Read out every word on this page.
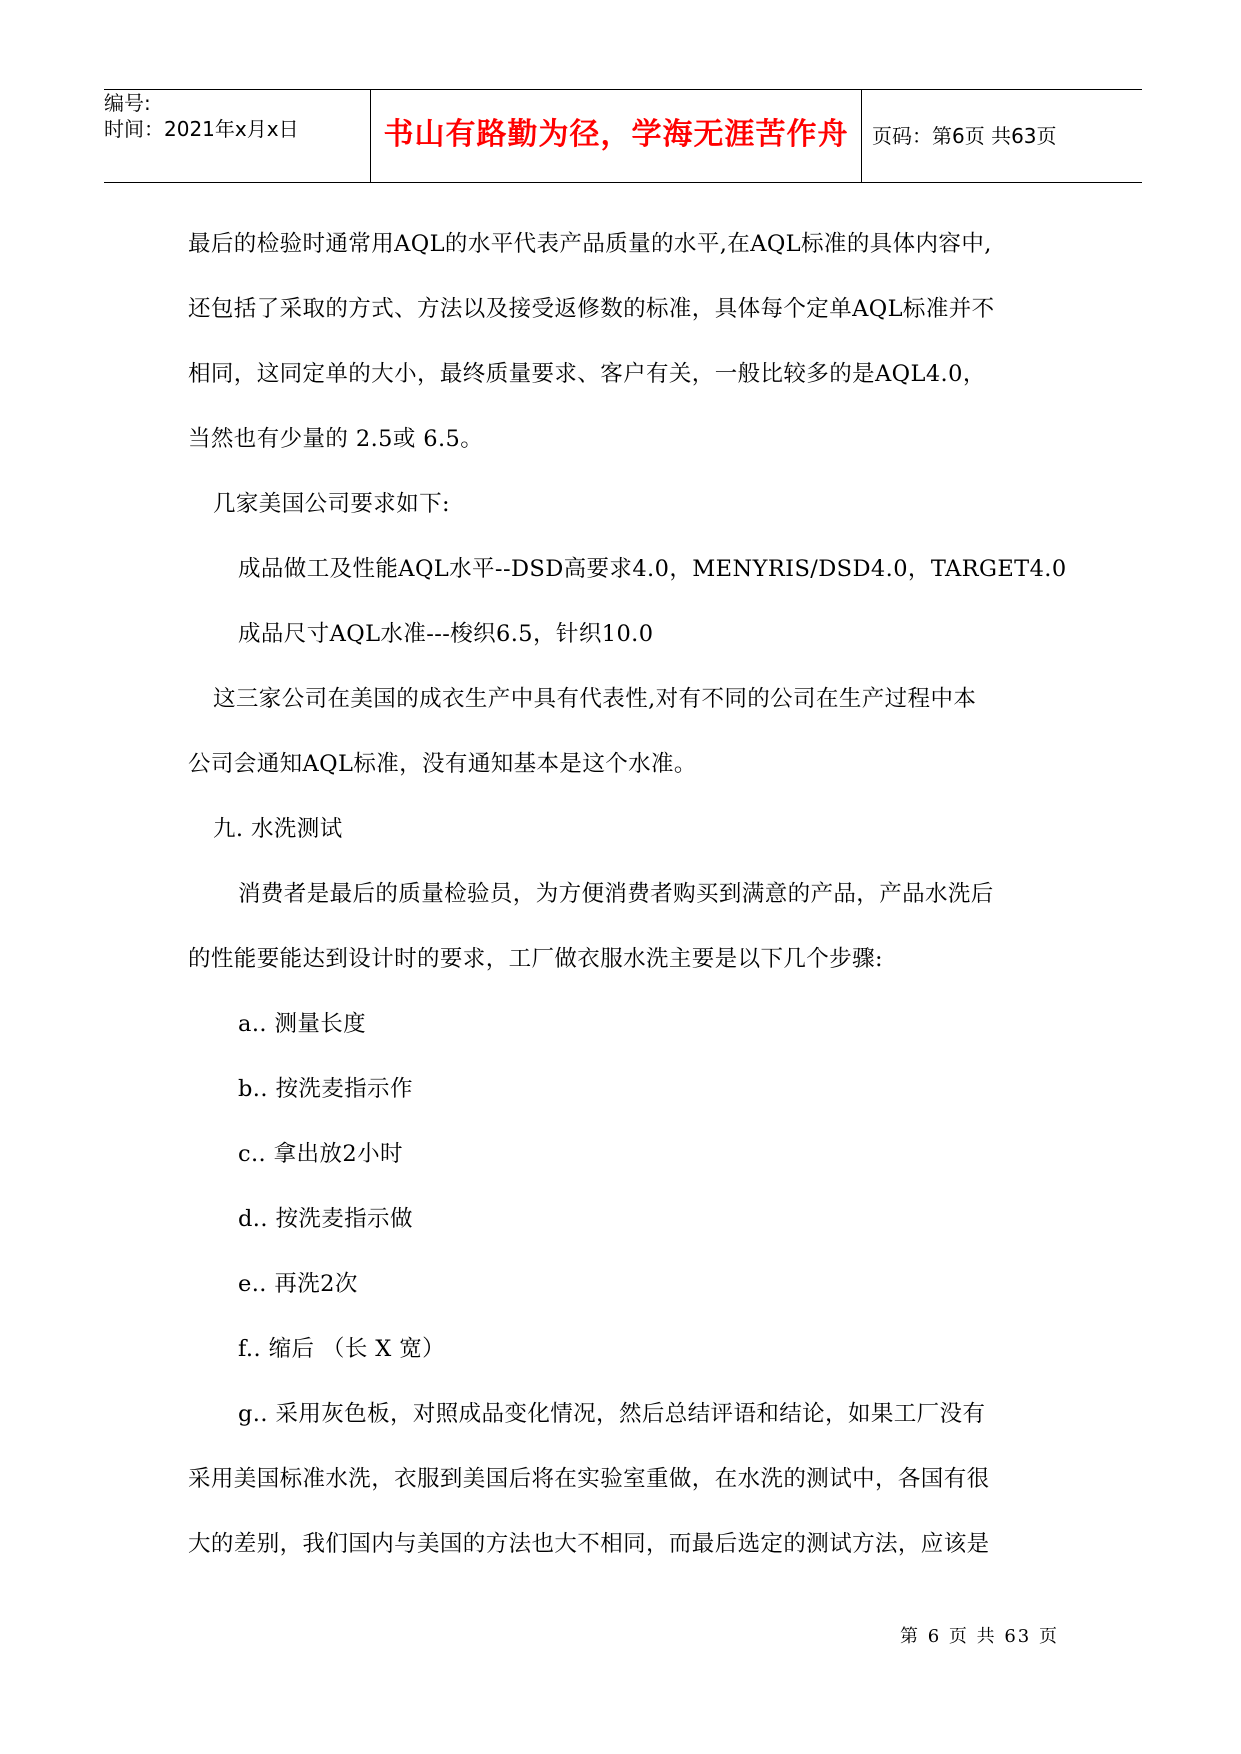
编号:
时间：2021年x月x日	书山有路勤为径，学海无涯苦作舟	页码：第6页 共63页
最后的检验时通常用AQL的水平代表产品质量的水平,在AQL标准的具体内容中,
还包括了采取的方式、方法以及接受返修数的标准，具体每个定单AQL标准并不
相同，这同定单的大小，最终质量要求、客户有关，一般比较多的是AQL4.0，
当然也有少量的 2.5或 6.5。
几家美国公司要求如下:
成品做工及性能AQL水平--DSD高要求4.0，MENYRIS/DSD4.0，TARGET4.0
成品尺寸AQL水准---梭织6.5，针织10.0
这三家公司在美国的成衣生产中具有代表性,对有不同的公司在生产过程中本
公司会通知AQL标准，没有通知基本是这个水准。
九. 水洗测试
消费者是最后的质量检验员，为方便消费者购买到满意的产品，产品水洗后
的性能要能达到设计时的要求，工厂做衣服水洗主要是以下几个步骤:
a.. 测量长度
b.. 按洗麦指示作
c.. 拿出放2小时
d.. 按洗麦指示做
e.. 再洗2次
f.. 缩后 （长 X 宽）
g.. 采用灰色板，对照成品变化情况，然后总结评语和结论，如果工厂没有
采用美国标准水洗，衣服到美国后将在实验室重做，在水洗的测试中，各国有很
大的差别，我们国内与美国的方法也大不相同，而最后选定的测试方法，应该是
第 6 页 共 63 页
